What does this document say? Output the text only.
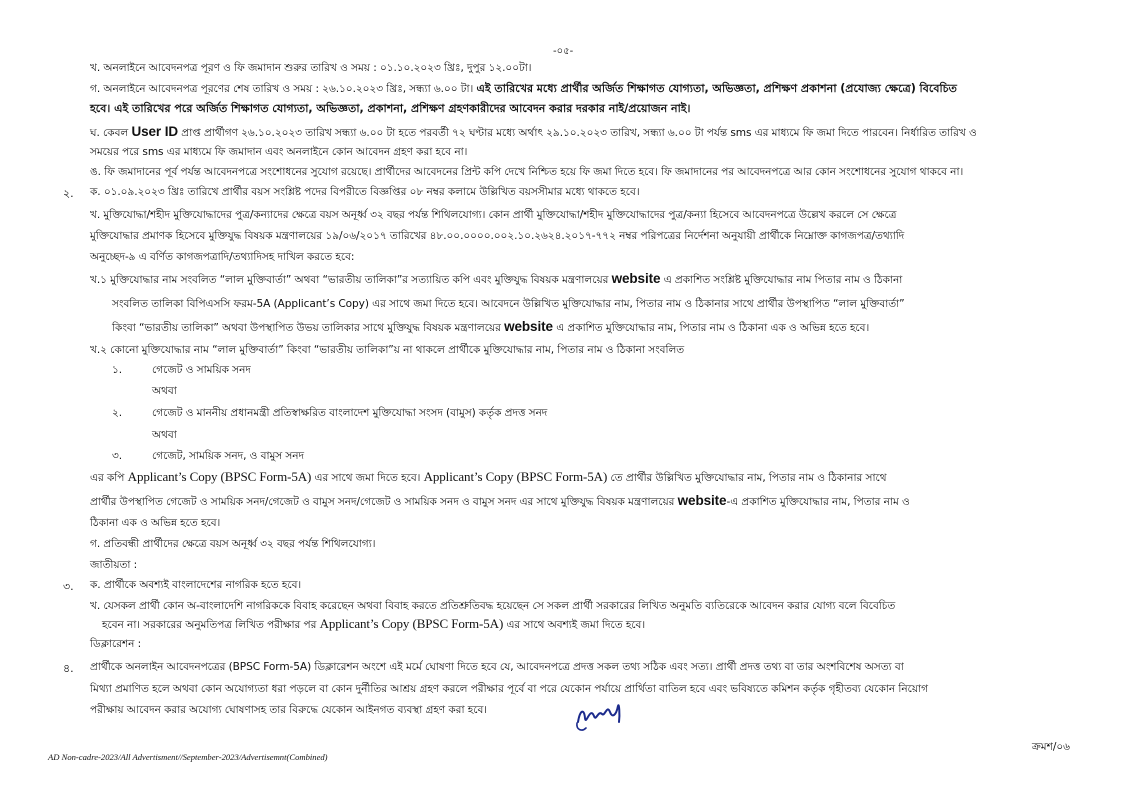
-০৫-
খ. অনলাইনে আবেদনপত্র পূরণ ও ফি জমাদান শুরুর তারিখ ও সময় : ০১.১০.২০২৩ খ্রিঃ, দুপুর ১২.০০টা।
গ. অনলাইনে আবেদনপত্র পূরণের শেষ তারিখ ও সময় : ২৬.১০.২০২৩ খ্রিঃ, সন্ধ্যা ৬.০০ টা। এই তারিখের মধ্যে প্রার্থীর অর্জিত শিক্ষাগত যোগ্যতা, অভিজ্ঞতা, প্রশিক্ষণ প্রকাশনা (প্রযোজ্য ক্ষেত্রে) বিবেচিত
হবে। এই তারিখের পরে অর্জিত শিক্ষাগত যোগ্যতা, অভিজ্ঞতা, প্রকাশনা, প্রশিক্ষণ গ্রহণকারীদের আবেদন করার দরকার নাই/প্রয়োজন নাই।
ঘ. কেবল User ID প্রাপ্ত প্রার্থীগণ ২৬.১০.২০২৩ তারিখ সন্ধ্যা ৬.০০ টা হতে পরবর্তী ৭২ ঘণ্টার মধ্যে অর্থাৎ ২৯.১০.২০২৩ তারিখ, সন্ধ্যা ৬.০০ টা পর্যন্ত sms এর মাধ্যমে ফি জমা দিতে পারবেন। নির্ধারিত তারিখ ও
সময়ের পরে sms এর মাধ্যমে ফি জমাদান এবং অনলাইনে কোন আবেদন গ্রহণ করা হবে না।
ঙ. ফি জমাদানের পূর্ব পর্যন্ত আবেদনপত্রে সংশোধনের সুযোগ রয়েছে। প্রার্থীদের আবেদনের প্রিন্ট কপি দেখে নিশ্চিত হয়ে ফি জমা দিতে হবে। ফি জমাদানের পর আবেদনপত্রে আর কোন সংশোধনের সুযোগ থাকবে না।
২. ক. ০১.০৯.২০২৩ খ্রিঃ তারিখে প্রার্থীর বয়স সংশ্লিষ্ট পদের বিপরীতে বিজ্ঞপ্তির ০৮ নম্বর কলামে উল্লিখিত বয়সসীমার মধ্যে থাকতে হবে।
খ. মুক্তিযোদ্ধা/শহীদ মুক্তিযোদ্ধাদের পুত্র/কন্যাদের ক্ষেত্রে বয়স অনূর্ধ্ব ৩২ বছর পর্যন্ত শিথিলযোগ্য। কোন প্রার্থী মুক্তিযোদ্ধা/শহীদ মুক্তিযোদ্ধাদের পুত্র/কন্যা হিসেবে আবেদনপত্রে উল্লেখ করলে সে ক্ষেত্রে
মুক্তিযোদ্ধার প্রমাণক হিসেবে মুক্তিযুদ্ধ বিষয়ক মন্ত্রণালয়ের ১৯/০৬/২০১৭ তারিখের ৪৮.০০.০০০০.০০২.১০.২৬২৪.২০১৭-৭৭২ নম্বর পরিপত্রের নির্দেশনা অনুযায়ী প্রার্থীকে নিম্নোক্ত কাগজপত্র/তথ্যাদি
অনুচ্ছেদ-৯ এ বর্ণিত কাগজপত্রাদি/তথ্যাদিসহ দাখিল করতে হবে:
খ.১ মুক্তিযোদ্ধার নাম সংবলিত “লাল মুক্তিবার্তা” অথবা “ভারতীয় তালিকা”র সত্যায়িত কপি এবং মুক্তিযুদ্ধ বিষয়ক মন্ত্রণালয়ের website এ প্রকাশিত সংশ্লিষ্ট মুক্তিযোদ্ধার নাম পিতার নাম ও ঠিকানা
সংবলিত তালিকা বিপিএসসি ফরম-5A (Applicant’s Copy) এর সাথে জমা দিতে হবে। আবেদনে উল্লিখিত মুক্তিযোদ্ধার নাম, পিতার নাম ও ঠিকানার সাথে প্রার্থীর উপস্থাপিত “লাল মুক্তিবার্তা”
কিংবা “ভারতীয় তালিকা” অথবা উপস্থাপিত উভয় তালিকার সাথে মুক্তিযুদ্ধ বিষয়ক মন্ত্রণালয়ের website এ প্রকাশিত মুক্তিযোদ্ধার নাম, পিতার নাম ও ঠিকানা এক ও অভিন্ন হতে হবে।
খ.২ কোনো মুক্তিযোদ্ধার নাম “লাল মুক্তিবার্তা” কিংবা “ভারতীয় তালিকা”য় না থাকলে প্রার্থীকে মুক্তিযোদ্ধার নাম, পিতার নাম ও ঠিকানা সংবলিত
১.	গেজেট ও সাময়িক সনদ
অথবা
২.	গেজেট ও মাননীয় প্রধানমন্ত্রী প্রতিস্বাক্ষরিত বাংলাদেশ মুক্তিযোদ্ধা সংসদ (বামুস) কর্তৃক প্রদত্ত সনদ
অথবা
৩.	গেজেট, সাময়িক সনদ, ও বামুস সনদ
এর কপি Applicant’s Copy (BPSC Form-5A) এর সাথে জমা দিতে হবে। Applicant’s Copy (BPSC Form-5A) তে প্রার্থীর উল্লিখিত মুক্তিযোদ্ধার নাম, পিতার নাম ও ঠিকানার সাথে
প্রার্থীর উপস্থাপিত গেজেট ও সাময়িক সনদ/গেজেট ও বামুস সনদ/গেজেট ও সাময়িক সনদ ও বামুস সনদ এর সাথে মুক্তিযুদ্ধ বিষয়ক মন্ত্রণালয়ের website-এ প্রকাশিত মুক্তিযোদ্ধার নাম, পিতার নাম ও
ঠিকানা এক ও অভিন্ন হতে হবে।
গ. প্রতিবন্ধী প্রার্থীদের ক্ষেত্রে বয়স অনূর্ধ্ব ৩২ বছর পর্যন্ত শিথিলযোগ্য।
জাতীয়তা :
৩. ক. প্রার্থীকে অবশ্যই বাংলাদেশের নাগরিক হতে হবে।
খ. যেসকল প্রার্থী কোন অ-বাংলাদেশি নাগরিককে বিবাহ করেছেন অথবা বিবাহ করতে প্রতিশ্রুতিবদ্ধ হয়েছেন সে সকল প্রার্থী সরকারের লিখিত অনুমতি ব্যতিরেকে আবেদন করার যোগ্য বলে বিবেচিত
হবেন না। সরকারের অনুমতিপত্র লিখিত পরীক্ষার পর Applicant’s Copy (BPSC Form-5A) এর সাথে অবশ্যই জমা দিতে হবে।
ডিক্লারেশন :
৪. প্রার্থীকে অনলাইন আবেদনপত্রের (BPSC Form-5A) ডিক্লারেশন অংশে এই মর্মে ঘোষণা দিতে হবে যে, আবেদনপত্রে প্রদত্ত সকল তথ্য সঠিক এবং সত্য। প্রার্থী প্রদত্ত তথ্য বা তার অংশবিশেষ অসত্য বা
মিথ্যা প্রমাণিত হলে অথবা কোন অযোগ্যতা ধরা পড়লে বা কোন দুর্নীতির আশ্রয় গ্রহণ করলে পরীক্ষার পূর্বে বা পরে যেকোন পর্যায়ে প্রার্থিতা বাতিল হবে এবং ভবিষ্যতে কমিশন কর্তৃক গৃহীতব্য যেকোন নিয়োগ
পরীক্ষায় আবেদন করার অযোগ্য ঘোষণাসহ তার বিরুদ্ধে যেকোন আইনগত ব্যবস্থা গ্রহণ করা হবে।
ক্রমশ/০৬
AD Non-cadre-2023/All Advertisment//September-2023/Advertisemnt(Combined)
